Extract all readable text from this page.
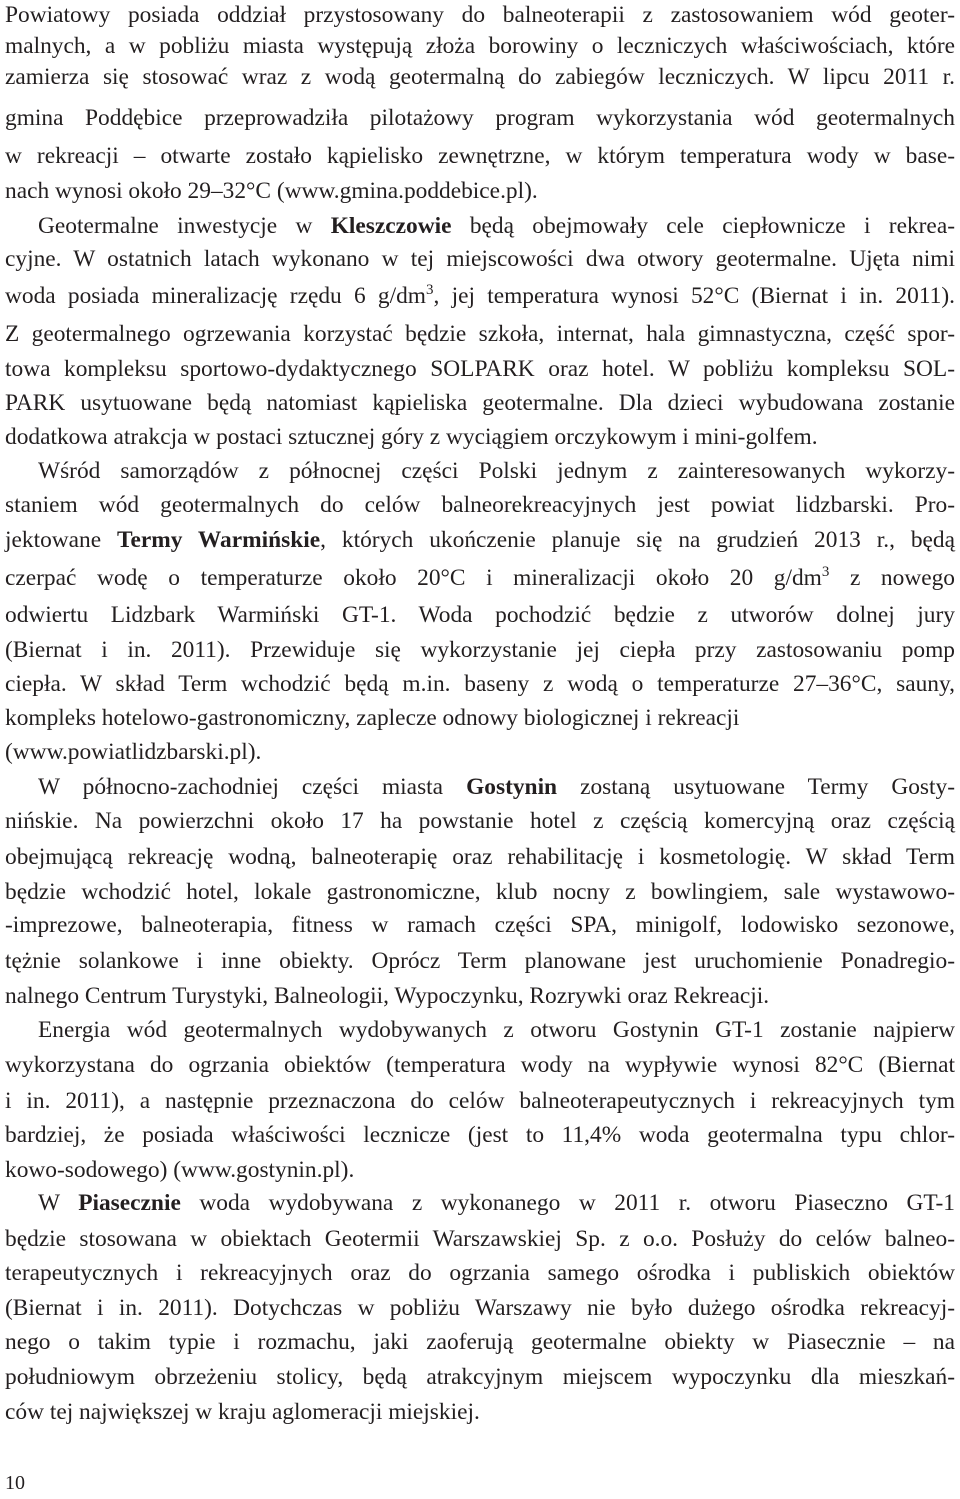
Powiatowy posiada oddział przystosowany do balneoterapii z zastosowaniem wód geoter-
malnych, a w pobliżu miasta występują złoża borowiny o leczniczych właściwościach, które
zamierza się stosować wraz z wodą geotermalną do zabiegów leczniczych. W lipcu 2011 r.
gmina Poddębice przeprowadziła pilotażowy program wykorzystania wód geotermalnych
w rekreacji – otwarte zostało kąpielisko zewnętrzne, w którym temperatura wody w base-
nach wynosi około 29–32°C (www.gmina.poddebice.pl).
Geotermalne inwestycje w Kleszczowie będą obejmowały cele ciepłownicze i rekrea-
cyjne. W ostatnich latach wykonano w tej miejscowości dwa otwory geotermalne. Ujęta nimi
woda posiada mineralizację rzędu 6 $g/dm^3$, jej temperatura wynosi 52°C (Biernat i in. 2011).
Z geotermalnego ogrzewania korzystać będzie szkoła, internat, hala gimnastyczna, część spor-
towa kompleksu sportowo-dydaktycznego SOLPARK oraz hotel. W pobliżu kompleksu SOL-
PARK usytuowane będą natomiast kąpieliska geotermalne. Dla dzieci wybudowana zostanie
dodatkowa atrakcja w postaci sztucznej góry z wyciągiem orczykowym i mini-golfem.
Wśród samorządów z północnej części Polski jednym z zainteresowanych wykorzy-
staniem wód geotermalnych do celów balneorekreacyjnych jest powiat lidzbarski. Pro-
jektowane Termy Warmińskie, których ukończenie planuje się na grudzień 2013 r., będą
czerpać wodę o temperaturze około 20°C i mineralizacji około 20 $g/dm^3$ z nowego
odwiertu Lidzbark Warmiński GT-1. Woda pochodzić będzie z utworów dolnej jury
(Biernat i in. 2011). Przewiduje się wykorzystanie jej ciepła przy zastosowaniu pomp
ciepła. W skład Term wchodzić będą m.in. baseny z wodą o temperaturze 27–36°C, sauny,
kompleks hotelowo-gastronomiczny, zaplecze odnowy biologicznej i rekreacji
(www.powiatlidzbarski.pl).
W północno-zachodniej części miasta Gostynin zostaną usytuowane Termy Gosty-
nińskie. Na powierzchni około 17 ha powstanie hotel z częścią komercyjną oraz częścią
obejmującą rekreację wodną, balneoterapię oraz rehabilitację i kosmetologię. W skład Term
będzie wchodzić hotel, lokale gastronomiczne, klub nocny z bowlingiem, sale wystawowo-
-imprezowe, balneoterapia, fitness w ramach części SPA, minigolf, lodowisko sezonowe,
tężnie solankowe i inne obiekty. Oprócz Term planowane jest uruchomienie Ponadregio-
nalnego Centrum Turystyki, Balneologii, Wypoczynku, Rozrywki oraz Rekreacji.
Energia wód geotermalnych wydobywanych z otworu Gostynin GT-1 zostanie najpierw
wykorzystana do ogrzania obiektów (temperatura wody na wypływie wynosi 82°C (Biernat
i in. 2011), a następnie przeznaczona do celów balneoterapeutycznych i rekreacyjnych tym
bardziej, że posiada właściwości lecznicze (jest to 11,4% woda geotermalna typu chlor-
kowo-sodowego) (www.gostynin.pl).
W Piasecznie woda wydobywana z wykonanego w 2011 r. otworu Piaseczno GT-1
będzie stosowana w obiektach Geotermii Warszawskiej Sp. z o.o. Posłuży do celów balneo-
terapeutycznych i rekreacyjnych oraz do ogrzania samego ośrodka i publiskich obiektów
(Biernat i in. 2011). Dotychczas w pobliżu Warszawy nie było dużego ośrodka rekreacyj-
nego o takim typie i rozmachu, jaki zaoferują geotermalne obiekty w Piasecznie – na
południowym obrzeżeniu stolicy, będą atrakcyjnym miejscem wypoczynku dla mieszkań-
ców tej największej w kraju aglomeracji miejskiej.
10
